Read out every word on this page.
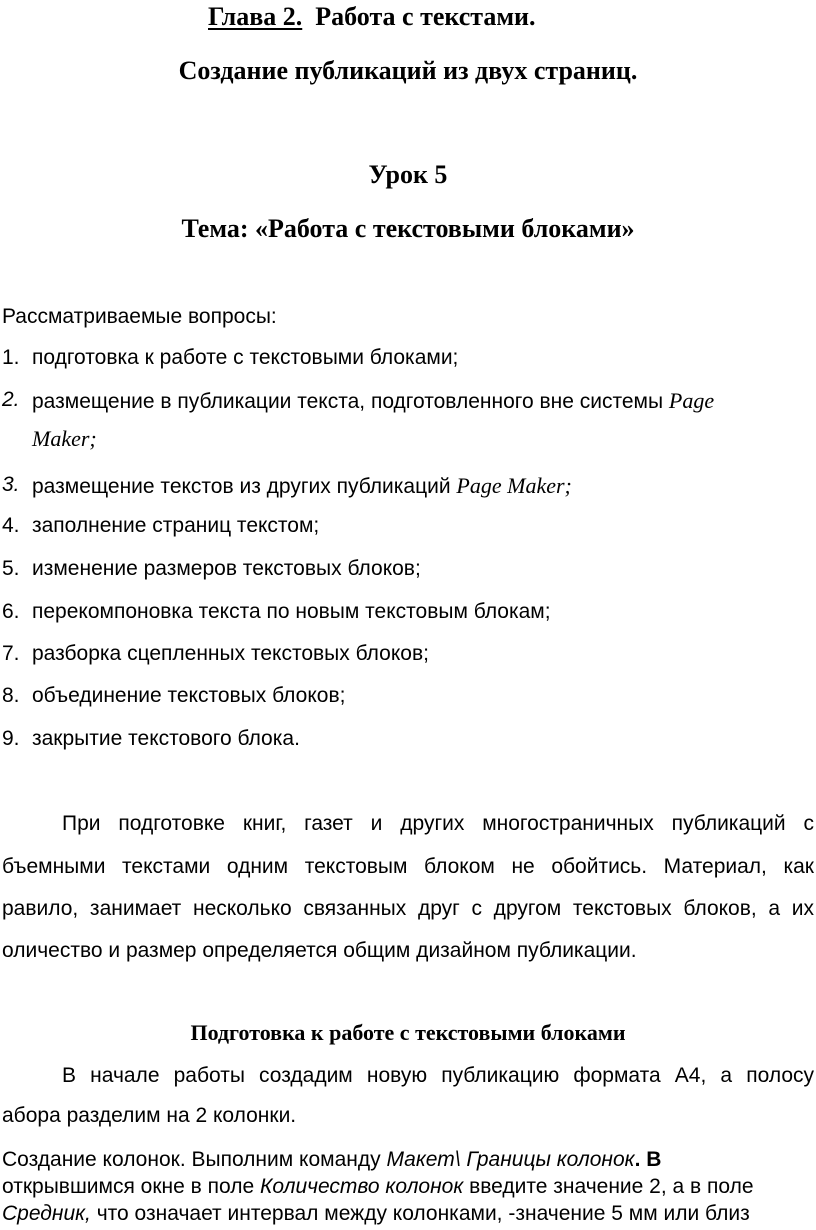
Глава 2. Работа с текстами.
Создание публикаций из двух страниц.
Урок 5
Тема: «Работа с текстовыми блоками»
Рассматриваемые вопросы:
1. подготовка к работе с текстовыми блоками;
2. размещение в публикации текста, подготовленного вне системы Page
Maker;
3. размещение текстов из других публикаций Page Maker;
4. заполнение страниц текстом;
5. изменение размеров текстовых блоков;
6. перекомпоновка текста по новым текстовым блокам;
7. разборка сцепленных текстовых блоков;
8. объединение текстовых блоков;
9. закрытие текстового блока.
При подготовке книг, газет и других многостраничных публикаций с
бъемными текстами одним текстовым блоком не обойтись. Материал, как
равило, занимает несколько связанных друг с другом текстовых блоков, а их
оличество и размер определяется общим дизайном публикации.
Подготовка к работе с текстовыми блоками
В начале работы создадим новую публикацию формата А4, а полосу
абора разделим на 2 колонки.
Создание колонок. Выполним команду Макет\ Границы колонок. В
открывшимся окне в поле Количество колонок введите значение 2, а в поле
Средник, что означает интервал между колонками, -значение 5 мм или близ
